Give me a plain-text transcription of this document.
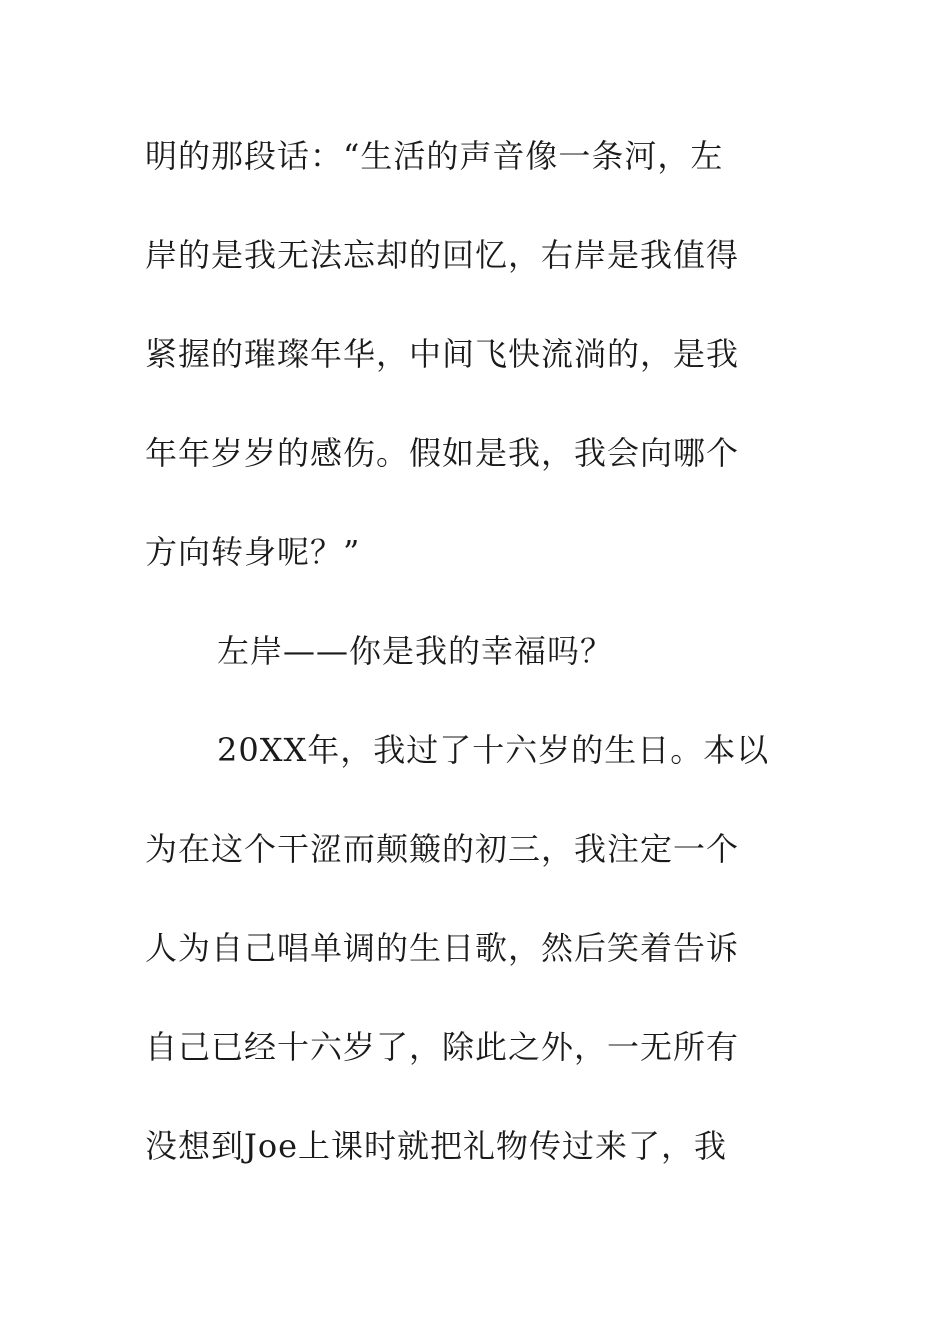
明的那段话：“生活的声音像一条河，左
岸的是我无法忘却的回忆，右岸是我值得
紧握的璀璨年华，中间飞快流淌的，是我
年年岁岁的感伤。假如是我，我会向哪个
方向转身呢？”
左岸——你是我的幸福吗？
20XX年，我过了十六岁的生日。本以
为在这个干涩而颠簸的初三，我注定一个
人为自己唱单调的生日歌，然后笑着告诉
自己已经十六岁了，除此之外，一无所有
没想到Joe上课时就把礼物传过来了，我
